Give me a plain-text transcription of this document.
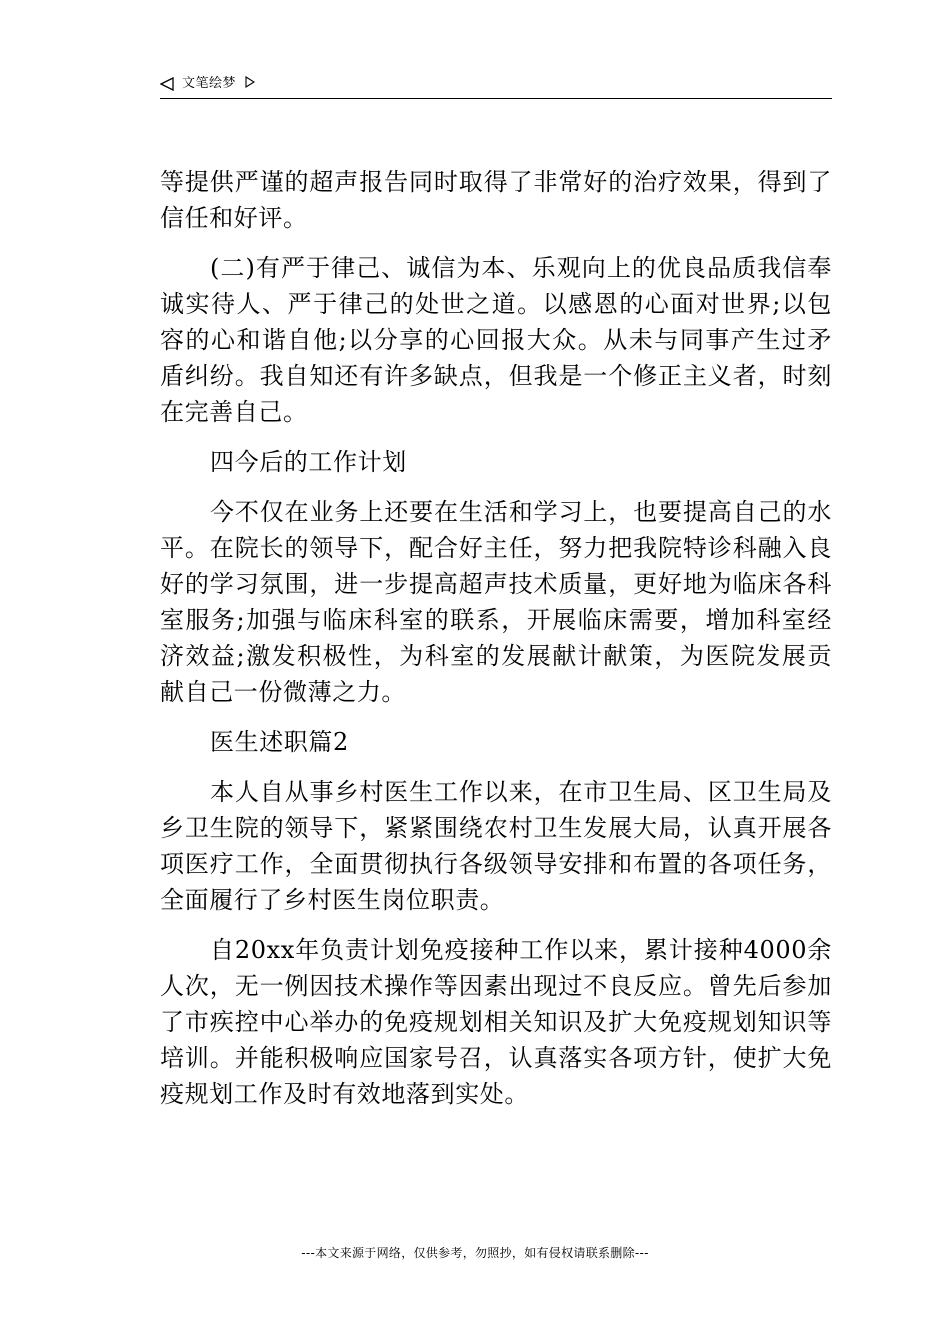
文笔绘梦

等提供严谨的超声报告同时取得了非常好的治疗效果，得到了信任和好评。

(二)有严于律己、诚信为本、乐观向上的优良品质我信奉诚实待人、严于律己的处世之道。以感恩的心面对世界;以包容的心和谐自他;以分享的心回报大众。从未与同事产生过矛盾纠纷。我自知还有许多缺点，但我是一个修正主义者，时刻在完善自己。

四今后的工作计划

今不仅在业务上还要在生活和学习上，也要提高自己的水平。在院长的领导下，配合好主任，努力把我院特诊科融入良好的学习氛围，进一步提高超声技术质量，更好地为临床各科室服务;加强与临床科室的联系，开展临床需要，增加科室经济效益;激发积极性，为科室的发展献计献策，为医院发展贡献自己一份微薄之力。

医生述职篇2

本人自从事乡村医生工作以来，在市卫生局、区卫生局及乡卫生院的领导下，紧紧围绕农村卫生发展大局，认真开展各项医疗工作，全面贯彻执行各级领导安排和布置的各项任务，全面履行了乡村医生岗位职责。

自20xx年负责计划免疫接种工作以来，累计接种4000余人次，无一例因技术操作等因素出现过不良反应。曾先后参加了市疾控中心举办的免疫规划相关知识及扩大免疫规划知识等培训。并能积极响应国家号召，认真落实各项方针，使扩大免疫规划工作及时有效地落到实处。

---本文来源于网络，仅供参考，勿照抄，如有侵权请联系删除---
